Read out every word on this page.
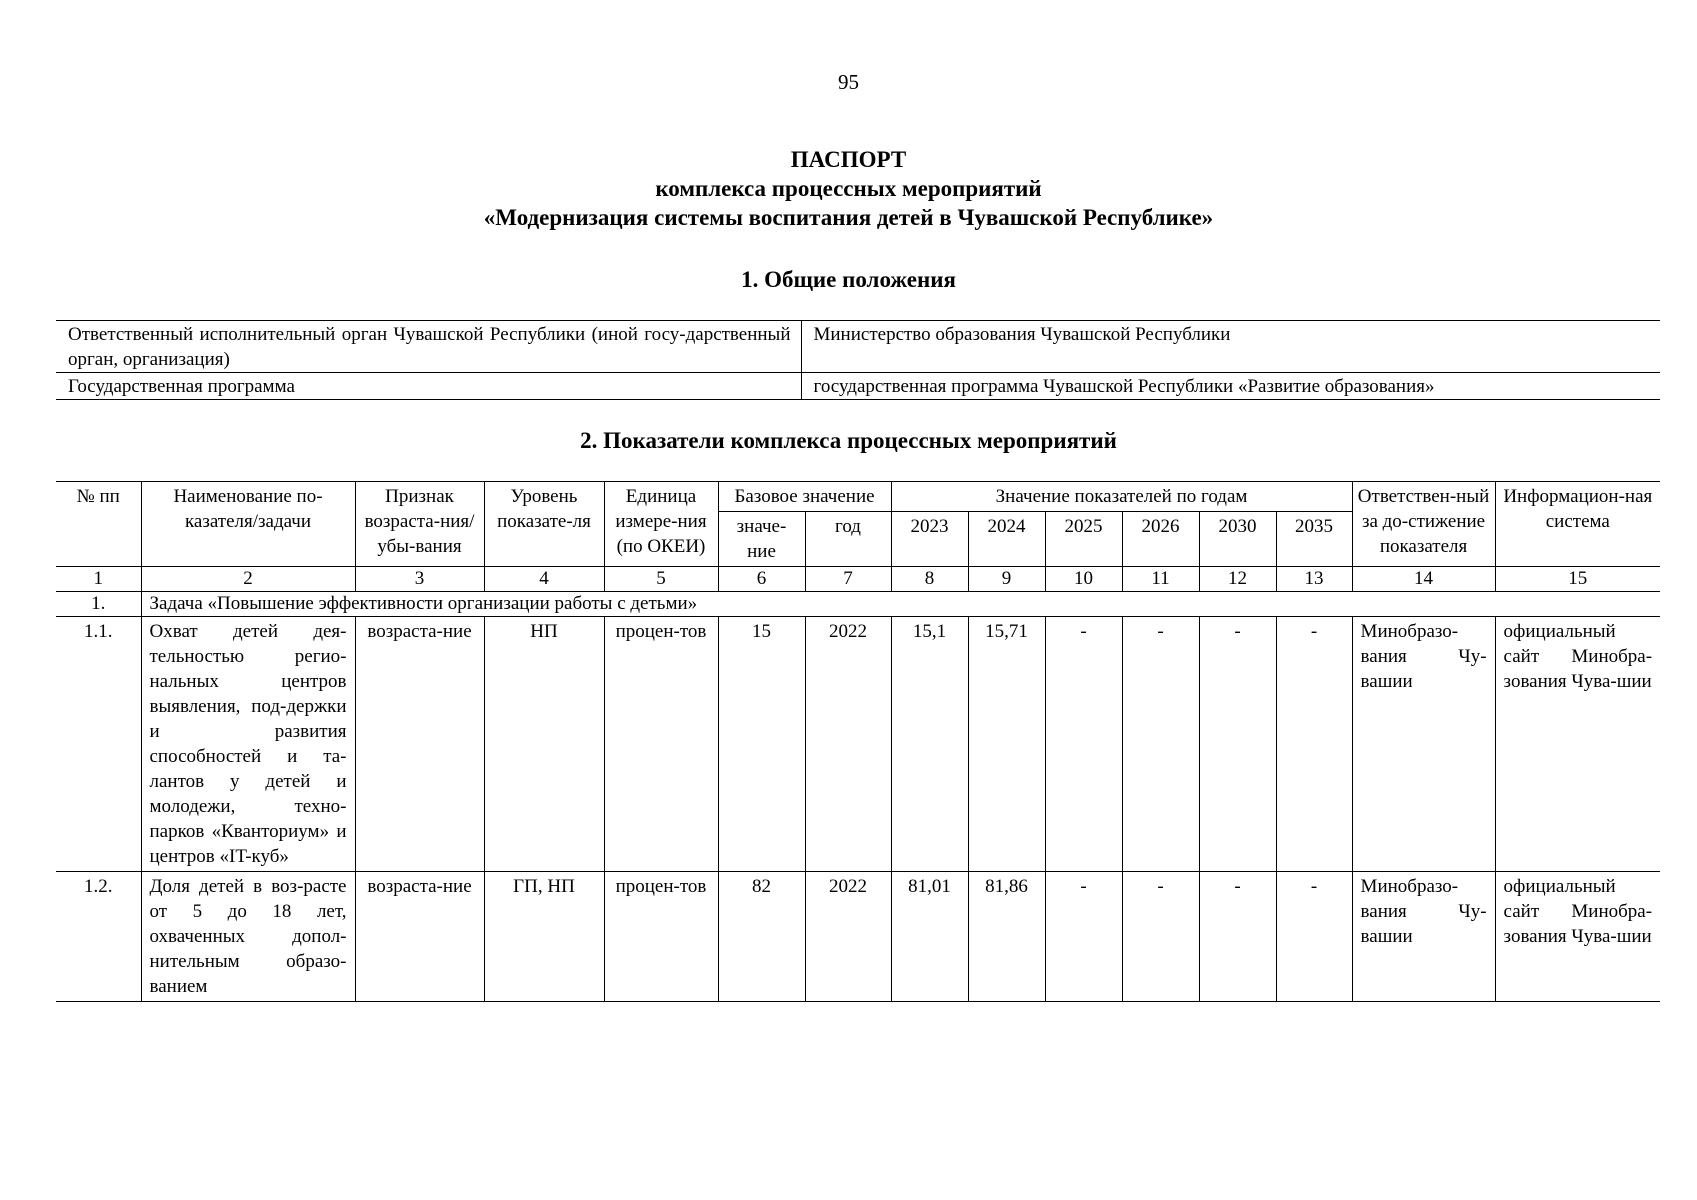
95
ПАСПОРТ
комплекса процессных мероприятий
«Модернизация системы воспитания детей в Чувашской Республике»
1. Общие положения
Ответственный исполнительный орган Чувашской Республики (иной госу-дарственный орган, организация)	Министерство образования Чувашской Республики
Государственная программа	государственная программа Чувашской Республики «Развитие образования»
2. Показатели комплекса процессных мероприятий
№ пп	Наименование по-казателя/задачи	Признак возраста-ния/убы-вания	Уровень показате-ля	Единица измере-ния (по ОКЕИ)	Базовое значение		Значение показателей по годам						Ответствен-ный за до-стижение показателя	Информацион-ная система
					значе-ние	год	2023	2024	2025	2026	2030	2035		
1	2	3	4	5	6	7	8	9	10	11	12	13	14	15
1.	Задача «Повышение эффективности организации работы с детьми»													
1.1.	Охват детей дея-тельностью регио-нальных центров выявления, под-держки и развития способностей и та-лантов у детей и молодежи, техно-парков «Кванториум» и центров «IT-куб»	возраста-ние	НП	процен-тов	15	2022	15,1	15,71	-	-	-	-	Минобразо-вания Чу-вашии	официальный сайт Минобра-зования Чува-шии
1.2.	Доля детей в воз-расте от 5 до 18 лет, охваченных допол-нительным образо-ванием	возраста-ние	ГП, НП	процен-тов	82	2022	81,01	81,86	-	-	-	-	Минобразо-вания Чу-вашии	официальный сайт Минобра-зования Чува-шии
